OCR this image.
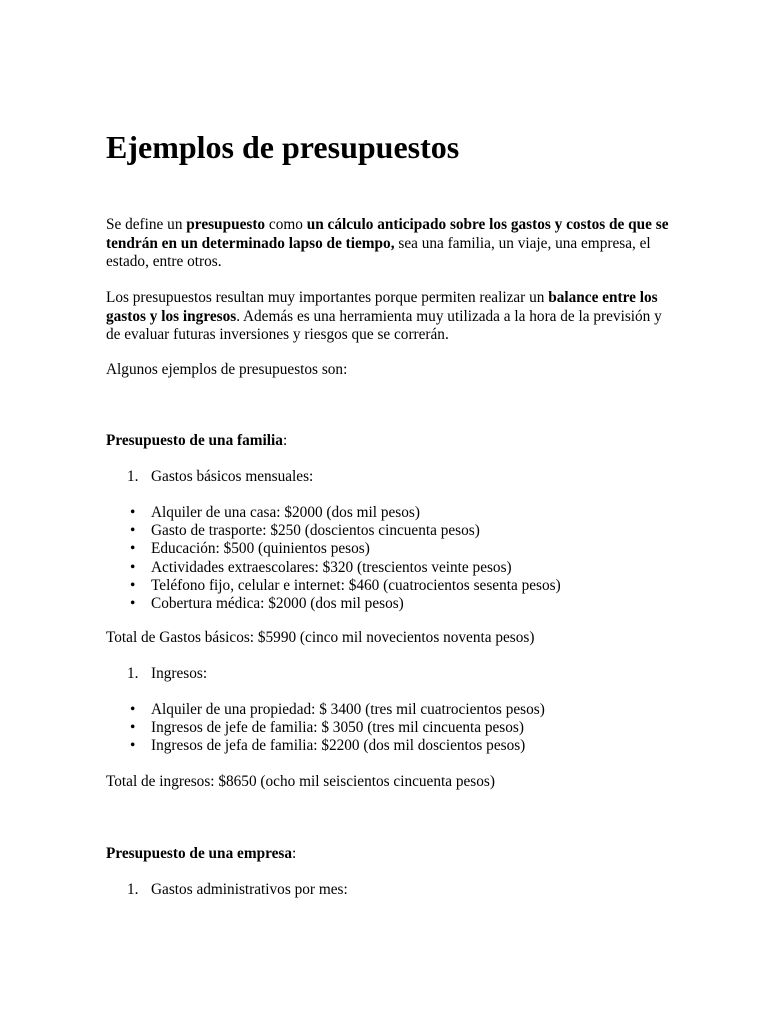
Ejemplos de presupuestos

Se define un presupuesto como un cálculo anticipado sobre los gastos y costos de que se tendrán en un determinado lapso de tiempo, sea una familia, un viaje, una empresa, el estado, entre otros.

Los presupuestos resultan muy importantes porque permiten realizar un balance entre los gastos y los ingresos. Además es una herramienta muy utilizada a la hora de la previsión y de evaluar futuras inversiones y riesgos que se correrán.

Algunos ejemplos de presupuestos son:

Presupuesto de una familia:

1. Gastos básicos mensuales:

• Alquiler de una casa: $2000 (dos mil pesos)
• Gasto de trasporte: $250 (doscientos cincuenta pesos)
• Educación: $500 (quinientos pesos)
• Actividades extraescolares: $320 (trescientos veinte pesos)
• Teléfono fijo, celular e internet: $460 (cuatrocientos sesenta pesos)
• Cobertura médica: $2000 (dos mil pesos)

Total de Gastos básicos: $5990 (cinco mil novecientos noventa pesos)

1. Ingresos:

• Alquiler de una propiedad: $ 3400 (tres mil cuatrocientos pesos)
• Ingresos de jefe de familia: $ 3050 (tres mil cincuenta pesos)
• Ingresos de jefa de familia: $2200 (dos mil doscientos pesos)

Total de ingresos: $8650 (ocho mil seiscientos cincuenta pesos)

Presupuesto de una empresa:

1. Gastos administrativos por mes:
